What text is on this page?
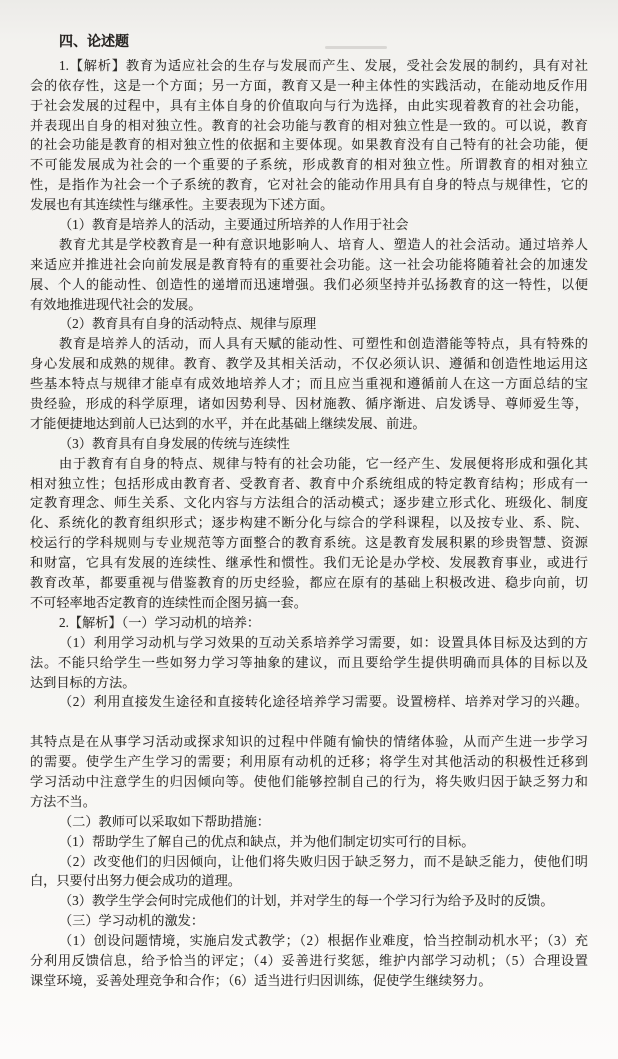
四、论述题
1.【解析】教育为适应社会的生存与发展而产生、发展，受社会发展的制约，具有对社
会的依存性，这是一个方面；另一方面，教育又是一种主体性的实践活动，在能动地反作用
于社会发展的过程中，具有主体自身的价值取向与行为选择，由此实现着教育的社会功能，
并表现出自身的相对独立性。教育的社会功能与教育的相对独立性是一致的。可以说，教育
的社会功能是教育的相对独立性的依据和主要体现。如果教育没有自己特有的社会功能，便
不可能发展成为社会的一个重要的子系统，形成教育的相对独立性。所谓教育的相对独立
性，是指作为社会一个子系统的教育，它对社会的能动作用具有自身的特点与规律性，它的
发展也有其连续性与继承性。主要表现为下述方面。
（1）教育是培养人的活动，主要通过所培养的人作用于社会
教育尤其是学校教育是一种有意识地影响人、培育人、塑造人的社会活动。通过培养人
来适应并推进社会向前发展是教育特有的重要社会功能。这一社会功能将随着社会的加速发
展、个人的能动性、创造性的递增而迅速增强。我们必须坚持并弘扬教育的这一特性，以便
有效地推进现代社会的发展。
（2）教育具有自身的活动特点、规律与原理
教育是培养人的活动，而人具有天赋的能动性、可塑性和创造潜能等特点，具有特殊的
身心发展和成熟的规律。教育、教学及其相关活动，不仅必须认识、遵循和创造性地运用这
些基本特点与规律才能卓有成效地培养人才；而且应当重视和遵循前人在这一方面总结的宝
贵经验，形成的科学原理，诸如因势利导、因材施教、循序渐进、启发诱导、尊师爱生等，
才能便捷地达到前人已达到的水平，并在此基础上继续发展、前进。
（3）教育具有自身发展的传统与连续性
由于教育有自身的特点、规律与特有的社会功能，它一经产生、发展便将形成和强化其
相对独立性；包括形成由教育者、受教育者、教育中介系统组成的特定教育结构；形成有一
定教育理念、师生关系、文化内容与方法组合的活动模式；逐步建立形式化、班级化、制度
化、系统化的教育组织形式；逐步构建不断分化与综合的学科课程，以及按专业、系、院、
校运行的学科规则与专业规范等方面整合的教育系统。这是教育发展积累的珍贵智慧、资源
和财富，它具有发展的连续性、继承性和惯性。我们无论是办学校、发展教育事业，或进行
教育改革，都要重视与借鉴教育的历史经验，都应在原有的基础上积极改进、稳步向前，切
不可轻率地否定教育的连续性而企图另搞一套。
2.【解析】（一）学习动机的培养：
（1）利用学习动机与学习效果的互动关系培养学习需要，如：设置具体目标及达到的方
法。不能只给学生一些如努力学习等抽象的建议，而且要给学生提供明确而具体的目标以及
达到目标的方法。
（2）利用直接发生途径和直接转化途径培养学习需要。设置榜样、培养对学习的兴趣。
其特点是在从事学习活动或探求知识的过程中伴随有愉快的情绪体验，从而产生进一步学习
的需要。使学生产生学习的需要；利用原有动机的迁移；将学生对其他活动的积极性迁移到
学习活动中注意学生的归因倾向等。使他们能够控制自己的行为，将失败归因于缺乏努力和
方法不当。
（二）教师可以采取如下帮助措施：
（1）帮助学生了解自己的优点和缺点，并为他们制定切实可行的目标。
（2）改变他们的归因倾向，让他们将失败归因于缺乏努力，而不是缺乏能力，使他们明
白，只要付出努力便会成功的道理。
（3）教学生学会何时完成他们的计划，并对学生的每一个学习行为给予及时的反馈。
（三）学习动机的激发：
（1）创设问题情境，实施启发式教学；（2）根据作业难度，恰当控制动机水平；（3）充
分利用反馈信息，给予恰当的评定；（4）妥善进行奖惩，维护内部学习动机；（5）合理设置
课堂环境，妥善处理竞争和合作；（6）适当进行归因训练，促使学生继续努力。
